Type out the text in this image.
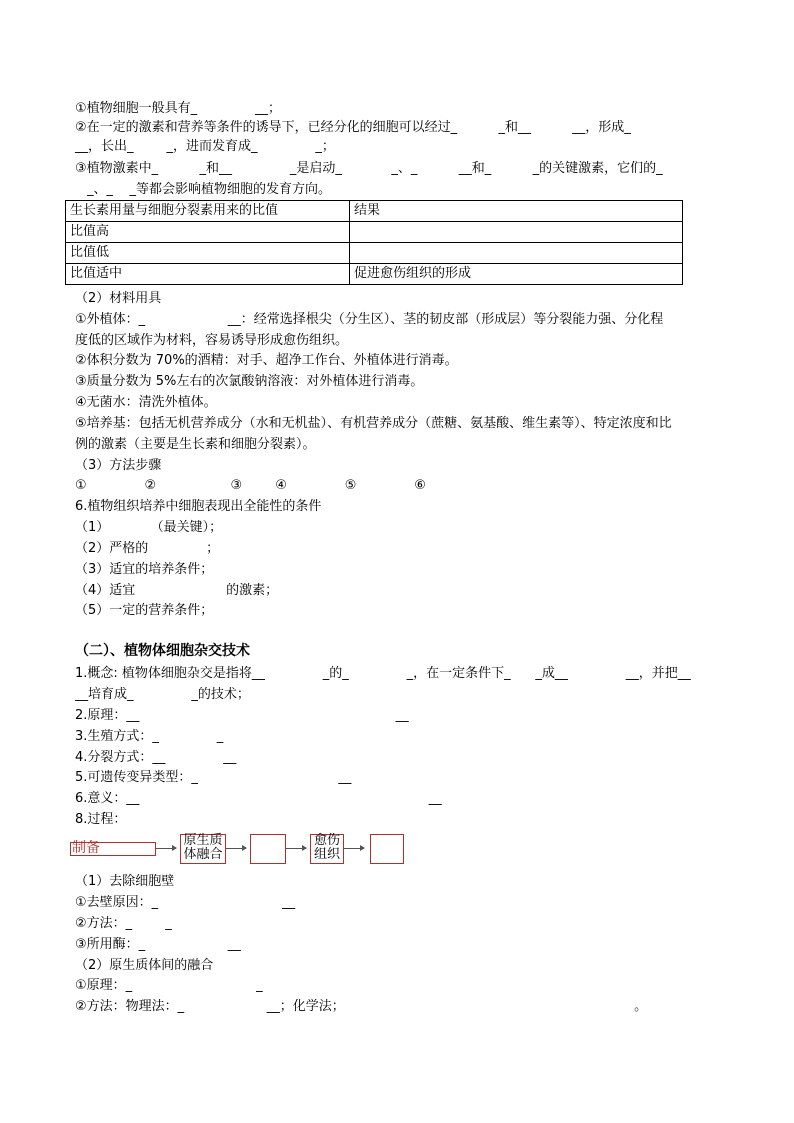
①植物细胞一般具有_              __；
②在一定的激素和营养等条件的诱导下，已经分化的细胞可以经过_          _和__          __，形成_
__，长出_        _，进而发育成_              _；
③植物激素中_          _和__              _是启动_            _、_          __和_          _的关键激素，它们的_
_、_    _等都会影响植物细胞的发育方向。
生长素用量与细胞分裂素用来的比值	结果
比值高	
比值低	
比值适中	促进愈伤组织的形成
（2）材料用具
①外植体：_                    __：经常选择根尖（分生区）、茎的韧皮部（形成层）等分裂能力强、分化程
度低的区域作为材料，容易诱导形成愈伤组织。
②体积分数为 70%的酒精：对手、超净工作台、外植体进行消毒。
③质量分数为 5%左右的次氯酸钠溶液：对外植体进行消毒。
④无菌水：清洗外植体。
⑤培养基：包括无机营养成分（水和无机盐）、有机营养成分（蔗糖、氨基酸、维生素等）、特定浓度和比
例的激素（主要是生长素和细胞分裂素）。
（3）方法步骤
①              ②                  ③        ④              ⑤              ⑥
6.植物组织培养中细胞表现出全能性的条件
（1）          （最关键）；
（2）严格的              ；
（3）适宜的培养条件；
（4）适宜                      的激素；
（5）一定的营养条件；
（二）、植物体细胞杂交技术
1.概念: 植物体细胞杂交是指将__              _的_              _，在一定条件下_      _成__              __，并把__
__培育成_              _的技术；
2.原理：__                                                              __
3.生殖方式：_              _
4.分裂方式：__              __
5.可遗传变异类型：_                                  __
6.意义：__                                                                      __
8.过程：
制备	原生质
体融合
愈伤
组织
（1）去除细胞壁
①去壁原因：_                              __
②方法：_        _
③所用酶：_                    __
（2）原生质体间的融合
①原理：_                              _
②方法：物理法：_                    __；化学法；                                                                      。
